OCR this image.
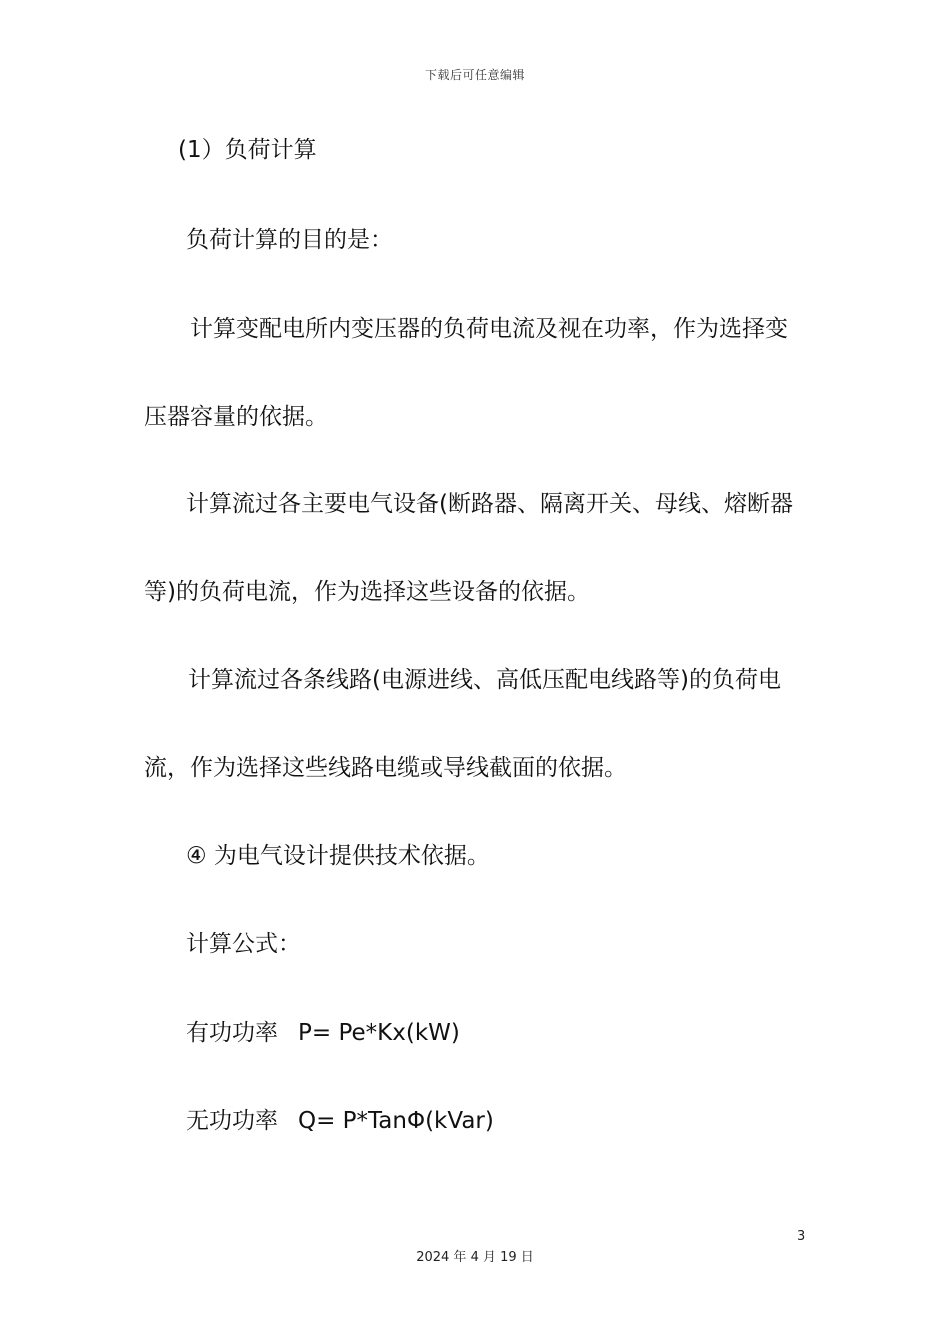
下载后可任意编辑
(1）负荷计算
负荷计算的目的是：
计算变配电所内变压器的负荷电流及视在功率，作为选择变
压器容量的依据。
计算流过各主要电气设备(断路器、隔离开关、母线、熔断器
等)的负荷电流，作为选择这些设备的依据。
计算流过各条线路(电源进线、高低压配电线路等)的负荷电
流，作为选择这些线路电缆或导线截面的依据。
④ 为电气设计提供技术依据。
计算公式：
有功功率 P= Pe*Kx(kW)
无功功率 Q= P*TanΦ(kVar)
3
2024 年 4 月 19 日
